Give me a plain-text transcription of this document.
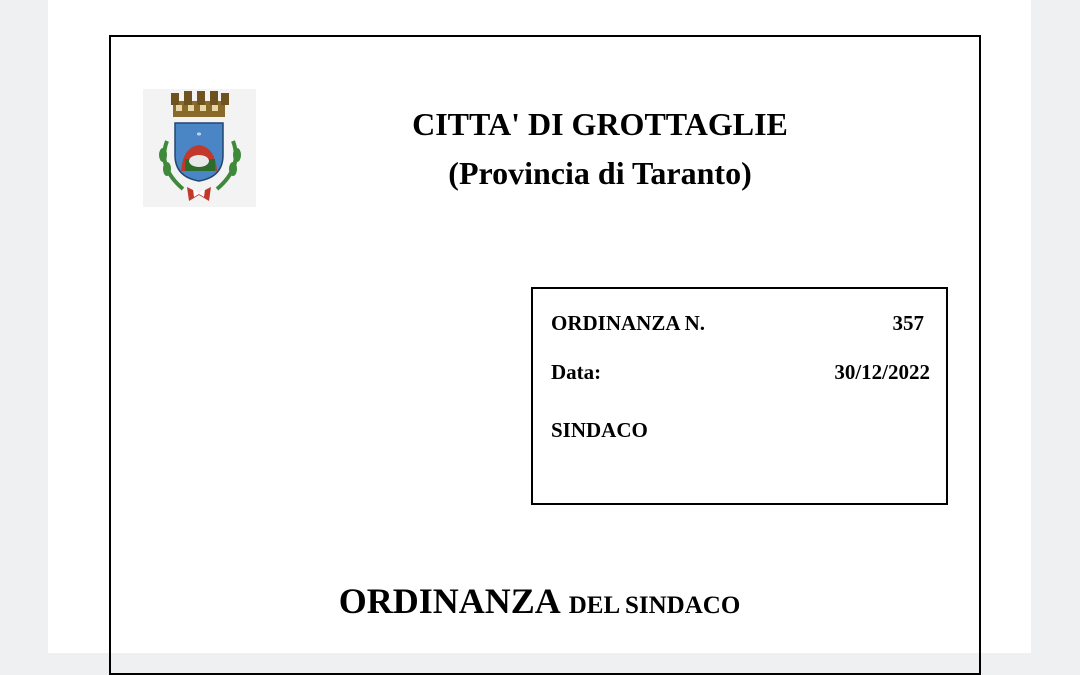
*	CITTA' DI GROTTAGLIE
(Provincia di Taranto)
ORDINANZA N.	357
Data:	30/12/2022
SINDACO
ORDINANZA DEL SINDACO
